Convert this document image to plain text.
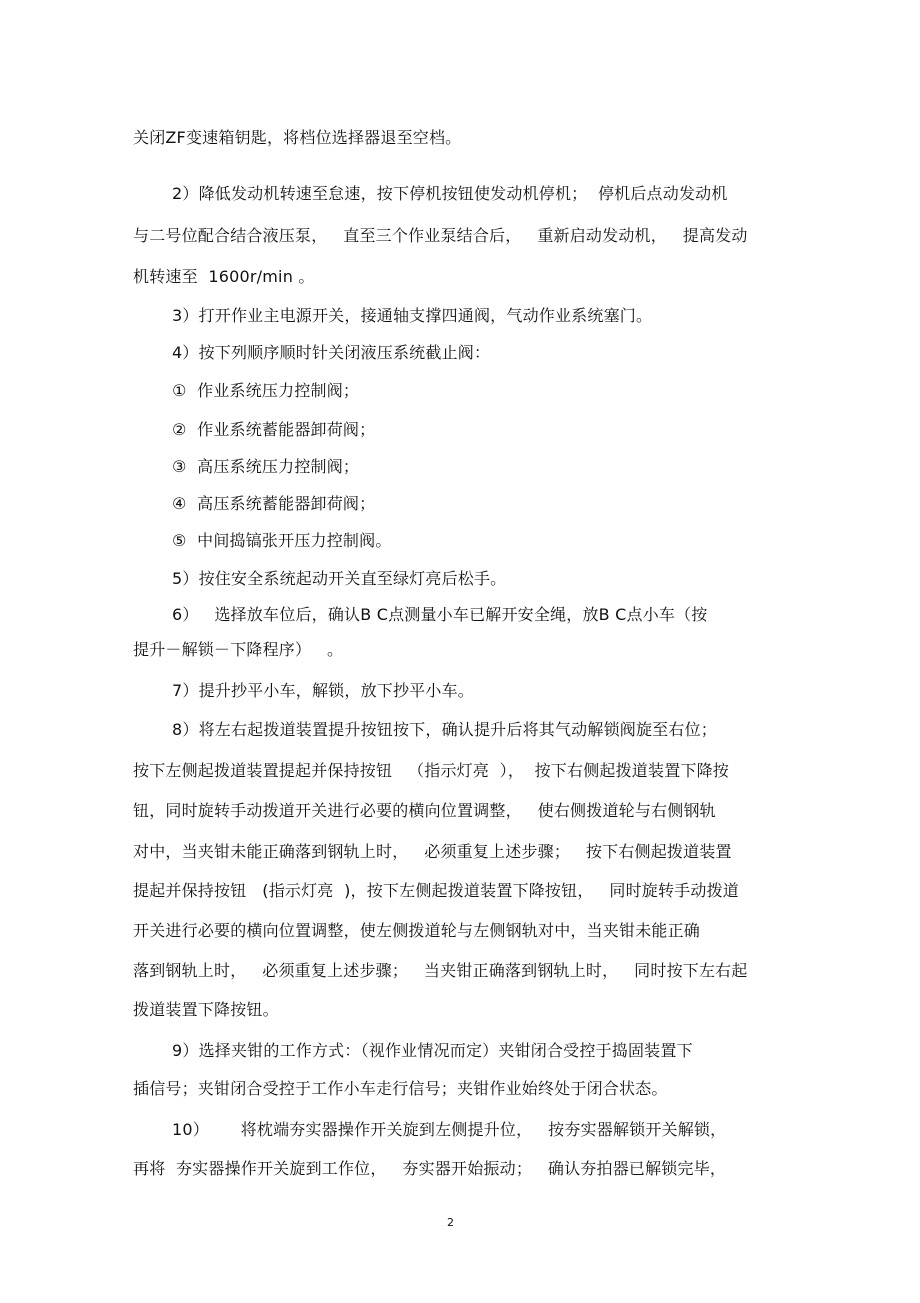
关闭ZF变速箱钥匙，将档位选择器退至空档。
2）降低发动机转速至怠速，按下停机按钮使发动机停机；  停机后点动发动机
与二号位配合结合液压泵，   直至三个作业泵结合后，   重新启动发动机，   提高发动
机转速至  1600r/min 。
3）打开作业主电源开关，接通轴支撑四通阀，气动作业系统塞门。
4）按下列顺序顺时针关闭液压系统截止阀：
①  作业系统压力控制阀；
②  作业系统蓄能器卸荷阀；
③  高压系统压力控制阀；
④  高压系统蓄能器卸荷阀；
⑤  中间捣镐张开压力控制阀。
5）按住安全系统起动开关直至绿灯亮后松手。
6）   选择放车位后，确认B C点测量小车已解开安全绳，放B C点小车（按
提升－解锁－下降程序）   。
7）提升抄平小车，解锁，放下抄平小车。
8）将左右起拨道装置提升按钮按下，确认提升后将其气动解锁阀旋至右位；
按下左侧起拨道装置提起并保持按钮   （指示灯亮  ），  按下右侧起拨道装置下降按
钮，同时旋转手动拨道开关进行必要的横向位置调整，   使右侧拨道轮与右侧钢轨
对中，当夹钳未能正确落到钢轨上时，   必须重复上述步骤；   按下右侧起拨道装置
提起并保持按钮   (指示灯亮  )，按下左侧起拨道装置下降按钮，   同时旋转手动拨道
开关进行必要的横向位置调整，使左侧拨道轮与左侧钢轨对中，当夹钳未能正确
落到钢轨上时，   必须重复上述步骤；   当夹钳正确落到钢轨上时，   同时按下左右起
拨道装置下降按钮。
9）选择夹钳的工作方式：（视作业情况而定）夹钳闭合受控于捣固装置下
插信号；夹钳闭合受控于工作小车走行信号；夹钳作业始终处于闭合状态。
10）      将枕端夯实器操作开关旋到左侧提升位，   按夯实器解锁开关解锁，
再将  夯实器操作开关旋到工作位，   夯实器开始振动；   确认夯拍器已解锁完毕，
2
